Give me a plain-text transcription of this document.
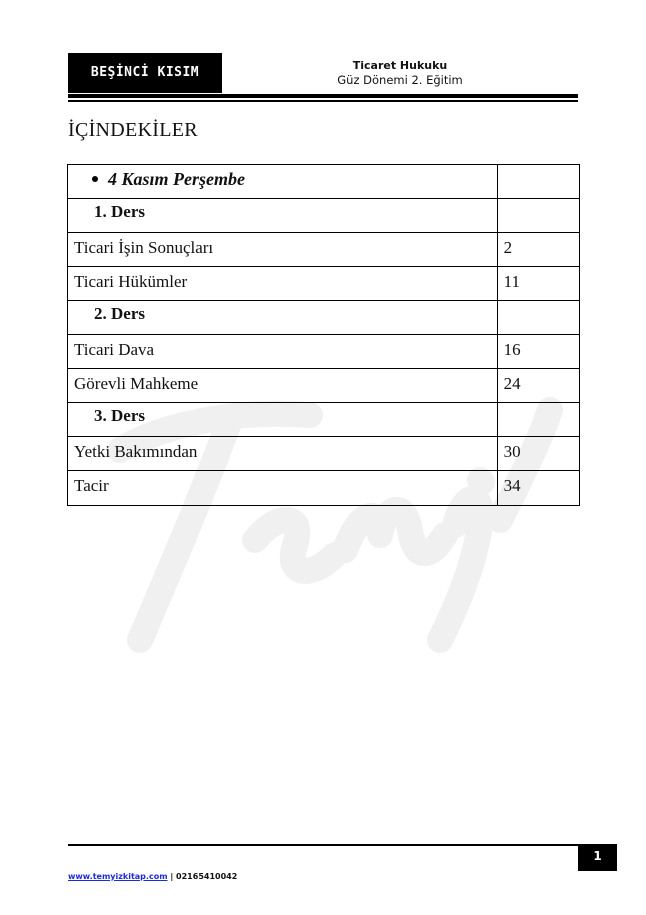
BEŞİNCİ KISIM	Ticaret Hukuku
Güz Dönemi 2. Eğitim
İÇİNDEKİLER
4 Kasım Perşembe	
1. Ders	
Ticari İşin Sonuçları	2
Ticari Hükümler	11
2. Ders	
Ticari Dava	16
Görevli Mahkeme	24
3. Ders	
Yetki Bakımından	30
Tacir	34
1
www.temyizkitap.com | 02165410042
